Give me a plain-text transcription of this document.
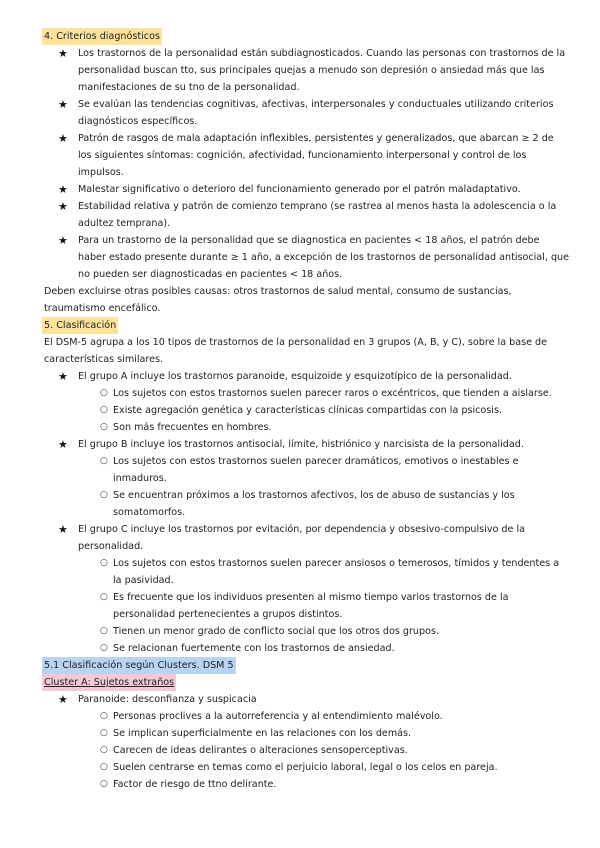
4. Criterios diagnósticos
★ Los trastornos de la personalidad están subdiagnosticados. Cuando las personas con trastornos de la personalidad buscan tto, sus principales quejas a menudo son depresión o ansiedad más que las manifestaciones de su tno de la personalidad.
★ Se evalúan las tendencias cognitivas, afectivas, interpersonales y conductuales utilizando criterios diagnósticos específicos.
★ Patrón de rasgos de mala adaptación inflexibles, persistentes y generalizados, que abarcan ≥ 2 de los siguientes síntomas: cognición, afectividad, funcionamiento interpersonal y control de los impulsos.
★ Malestar significativo o deterioro del funcionamiento generado por el patrón maladaptativo.
★ Estabilidad relativa y patrón de comienzo temprano (se rastrea al menos hasta la adolescencia o la adultez temprana).
★ Para un trastorno de la personalidad que se diagnostica en pacientes < 18 años, el patrón debe haber estado presente durante ≥ 1 año, a excepción de los trastornos de personalidad antisocial, que no pueden ser diagnosticadas en pacientes < 18 años.

Deben excluirse otras posibles causas: otros trastornos de salud mental, consumo de sustancias, traumatismo encefálico.

5. Clasificación

El DSM-5 agrupa a los 10 tipos de trastornos de la personalidad en 3 grupos (A, B, y C), sobre la base de características similares.

★ El grupo A incluye los trastornos paranoide, esquizoide y esquizotípico de la personalidad.
○ Los sujetos con estos trastornos suelen parecer raros o excéntricos, que tienden a aislarse.
○ Existe agregación genética y características clínicas compartidas con la psicosis.
○ Son más frecuentes en hombres.
★ El grupo B incluye los trastornos antisocial, límite, histriónico y narcisista de la personalidad.
○ Los sujetos con estos trastornos suelen parecer dramáticos, emotivos o inestables e inmaduros.
○ Se encuentran próximos a los trastornos afectivos, los de abuso de sustancias y los somatomorfos.
★ El grupo C incluye los trastornos por evitación, por dependencia y obsesivo-compulsivo de la personalidad.
○ Los sujetos con estos trastornos suelen parecer ansiosos o temerosos, tímidos y tendentes a la pasividad.
○ Es frecuente que los individuos presenten al mismo tiempo varios trastornos de la personalidad pertenecientes a grupos distintos.
○ Tienen un menor grado de conflicto social que los otros dos grupos.
○ Se relacionan fuertemente con los trastornos de ansiedad.
5.1 Clasificación según Clusters. DSM 5
Cluster A: Sujetos extraños
★ Paranoide: desconfianza y suspicacia
○ Personas proclives a la autorreferencia y al entendimiento malévolo.
○ Se implican superficialmente en las relaciones con los demás.
○ Carecen de ideas delirantes o alteraciones sensoperceptivas.
○ Suelen centrarse en temas como el perjuicio laboral, legal o los celos en pareja.
○ Factor de riesgo de ttno delirante.
